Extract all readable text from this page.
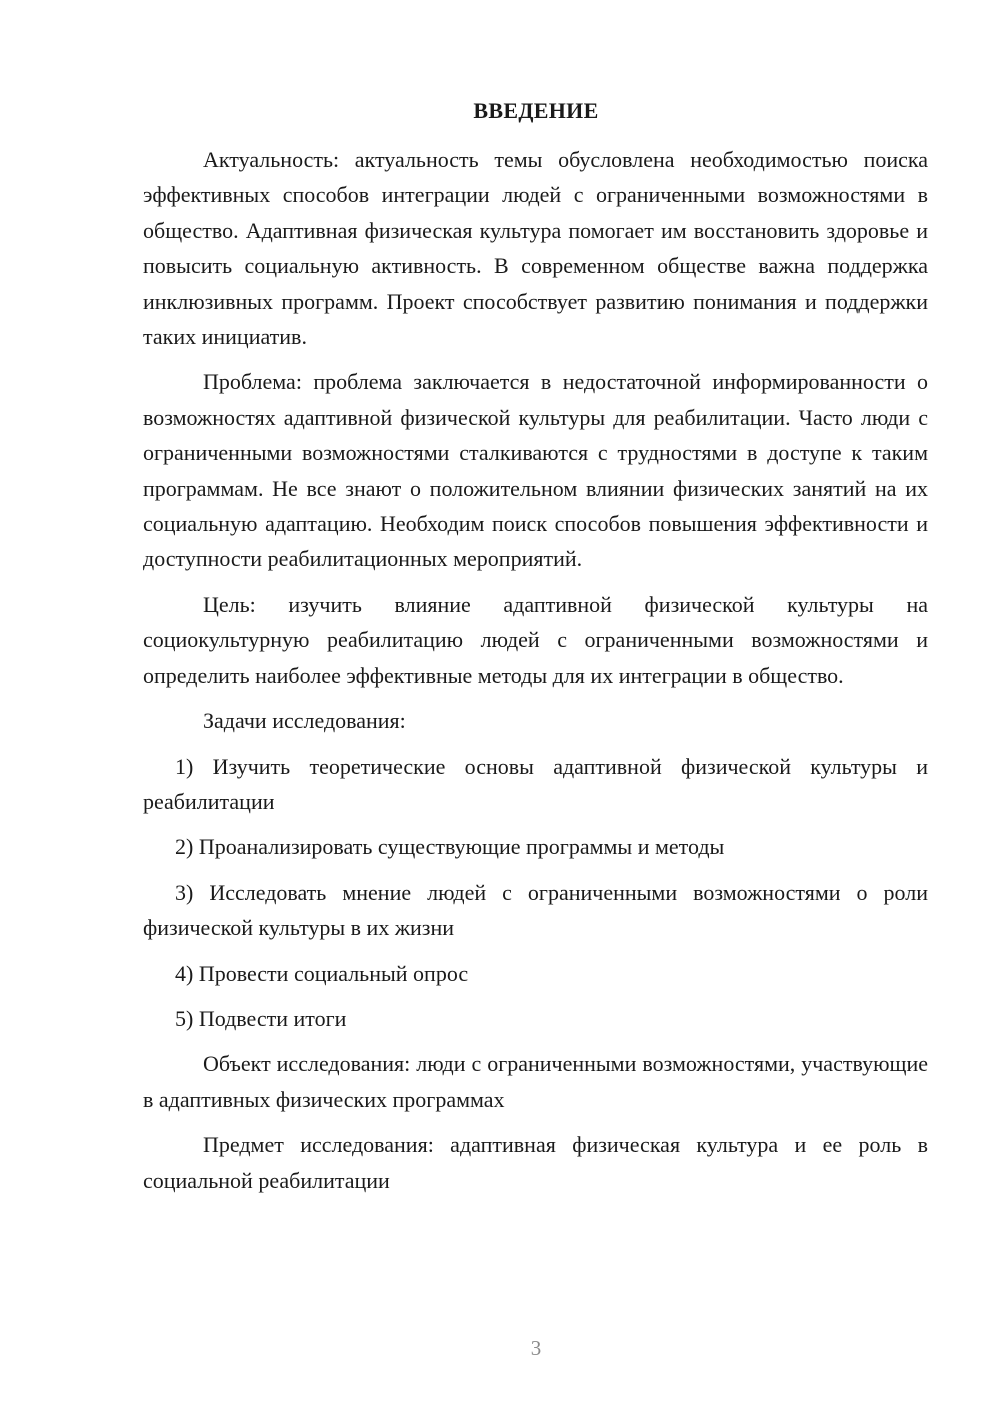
ВВЕДЕНИЕ

Актуальность: актуальность темы обусловлена необходимостью поиска эффективных способов интеграции людей с ограниченными возможностями в общество. Адаптивная физическая культура помогает им восстановить здоровье и повысить социальную активность. В современном обществе важна поддержка инклюзивных программ. Проект способствует развитию понимания и поддержки таких инициатив.

Проблема: проблема заключается в недостаточной информированности о возможностях адаптивной физической культуры для реабилитации. Часто люди с ограниченными возможностями сталкиваются с трудностями в доступе к таким программам. Не все знают о положительном влиянии физических занятий на их социальную адаптацию. Необходим поиск способов повышения эффективности и доступности реабилитационных мероприятий.

Цель: изучить влияние адаптивной физической культуры на социокультурную реабилитацию людей с ограниченными возможностями и определить наиболее эффективные методы для их интеграции в общество.

Задачи исследования:

1) Изучить теоретические основы адаптивной физической культуры и реабилитации

2) Проанализировать существующие программы и методы

3) Исследовать мнение людей с ограниченными возможностями о роли физической культуры в их жизни

4) Провести социальный опрос

5) Подвести итоги

Объект исследования: люди с ограниченными возможностями, участвующие в адаптивных физических программах

Предмет исследования: адаптивная физическая культура и ее роль в социальной реабилитации

3
